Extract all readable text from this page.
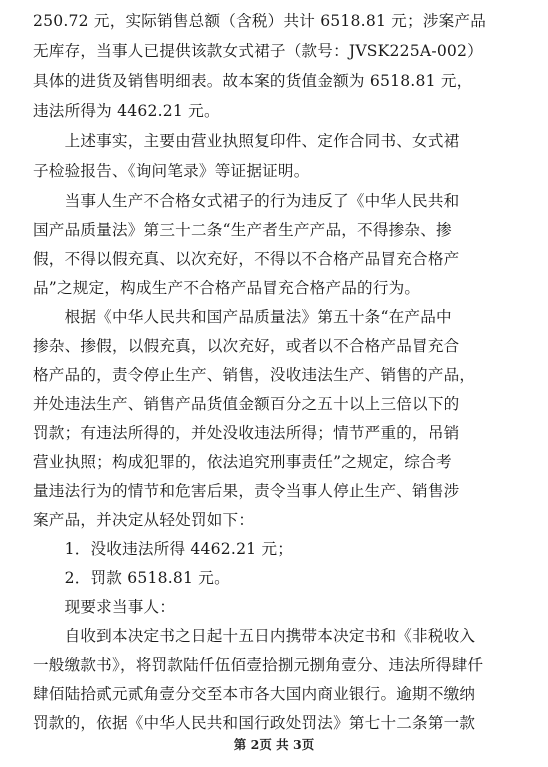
250.72 元，实际销售总额（含税）共计 6518.81 元；涉案产品
无库存，当事人已提供该款女式裙子（款号：JVSK225A-002）
具体的进货及销售明细表。故本案的货值金额为 6518.81 元，
违法所得为 4462.21 元。
　　上述事实，主要由营业执照复印件、定作合同书、女式裙
子检验报告、《询问笔录》等证据证明。
　　当事人生产不合格女式裙子的行为违反了《中华人民共和
国产品质量法》第三十二条“生产者生产产品，不得掺杂、掺
假，不得以假充真、以次充好，不得以不合格产品冒充合格产
品”之规定，构成生产不合格产品冒充合格产品的行为。
　　根据《中华人民共和国产品质量法》第五十条“在产品中
掺杂、掺假，以假充真，以次充好，或者以不合格产品冒充合
格产品的，责令停止生产、销售，没收违法生产、销售的产品，
并处违法生产、销售产品货值金额百分之五十以上三倍以下的
罚款；有违法所得的，并处没收违法所得；情节严重的，吊销
营业执照；构成犯罪的，依法追究刑事责任”之规定，综合考
量违法行为的情节和危害后果，责令当事人停止生产、销售涉
案产品，并决定从轻处罚如下：
　　1．没收违法所得 4462.21 元；
　　2．罚款 6518.81 元。
　　现要求当事人：
　　自收到本决定书之日起十五日内携带本决定书和《非税收入
一般缴款书》，将罚款陆仟伍佰壹拾捌元捌角壹分、违法所得肆仟
肆佰陆拾贰元贰角壹分交至本市各大国内商业银行。逾期不缴纳
罚款的，依据《中华人民共和国行政处罚法》第七十二条第一款
第 2页 共 3页
